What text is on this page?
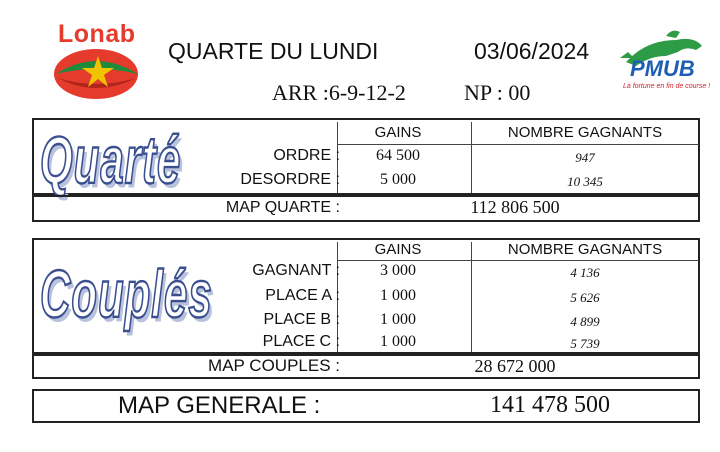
Lonab
QUARTE DU LUNDI	03/06/2024
PMUB
La fortune en fin de course !
ARR :6-9-12-2	NP : 00
Quarté	GAINS	NOMBRE GAGNANTS
ORDRE :	64 500	947
DESORDRE :	5 000	10 345
MAP QUARTE :	112 806 500
Couplés
GAINS	NOMBRE GAGNANTS
GAGNANT :	3 000	4 136
PLACE A :	1 000	5 626
PLACE B :	1 000	4 899
PLACE C :	1 000	5 739
MAP COUPLES :	28 672 000
MAP GENERALE :	141 478 500
